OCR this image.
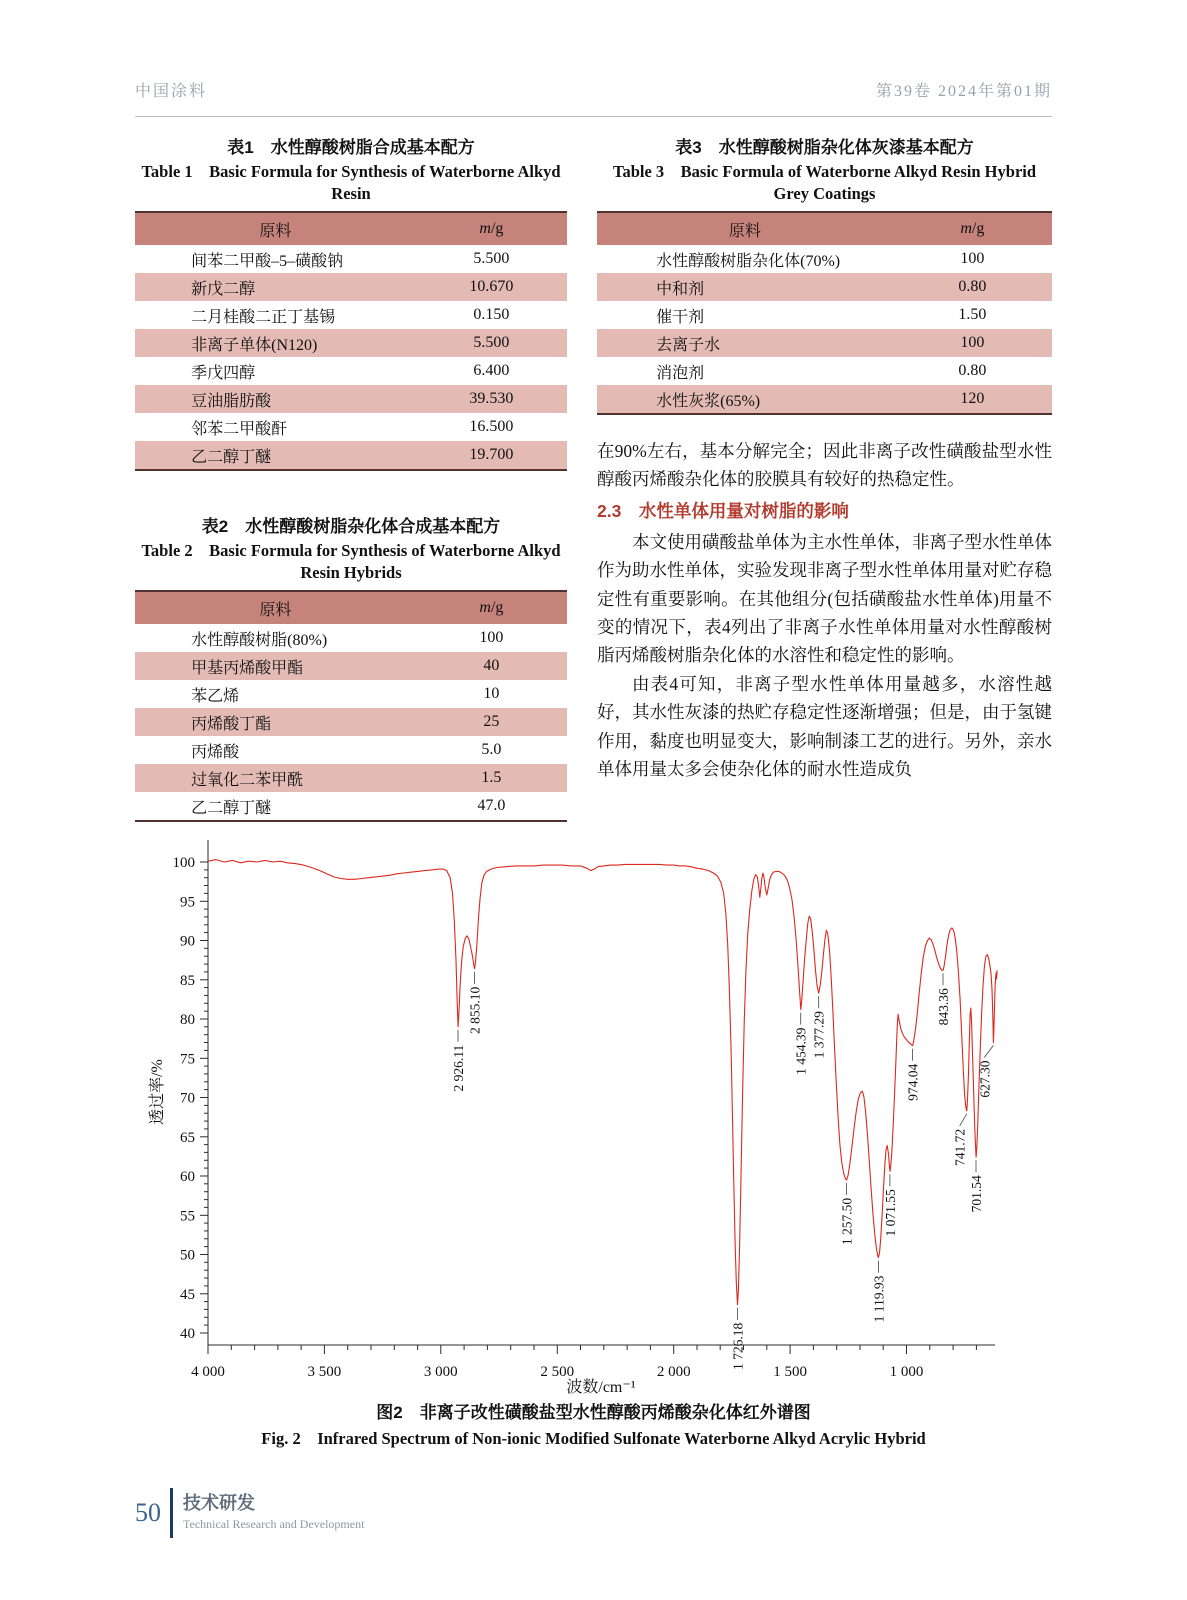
中国涂料	第39卷 2024年第01期
表1　水性醇酸树脂合成基本配方
Table 1　Basic Formula for Synthesis of Waterborne Alkyd Resin
原料	m/g
间苯二甲酸–5–磺酸钠	5.500
新戊二醇	10.670
二月桂酸二正丁基锡	0.150
非离子单体(N120)	5.500
季戊四醇	6.400
豆油脂肪酸	39.530
邻苯二甲酸酐	16.500
乙二醇丁醚	19.700
表2　水性醇酸树脂杂化体合成基本配方
Table 2　Basic Formula for Synthesis of Waterborne Alkyd Resin Hybrids
原料	m/g
水性醇酸树脂(80%)	100
甲基丙烯酸甲酯	40
苯乙烯	10
丙烯酸丁酯	25
丙烯酸	5.0
过氧化二苯甲酰	1.5
乙二醇丁醚	47.0
表3　水性醇酸树脂杂化体灰漆基本配方
Table 3　Basic Formula of Waterborne Alkyd Resin Hybrid Grey Coatings
原料	m/g
水性醇酸树脂杂化体(70%)	100
中和剂	0.80
催干剂	1.50
去离子水	100
消泡剂	0.80
水性灰浆(65%)	120
在90%左右，基本分解完全；因此非离子改性磺酸盐型水性醇酸丙烯酸杂化体的胶膜具有较好的热稳定性。
2.3　水性单体用量对树脂的影响
本文使用磺酸盐单体为主水性单体，非离子型水性单体作为助水性单体，实验发现非离子型水性单体用量对贮存稳定性有重要影响。在其他组分(包括磺酸盐水性单体)用量不变的情况下，表4列出了非离子水性单体用量对水性醇酸树脂丙烯酸树脂杂化体的水溶性和稳定性的影响。
由表4可知，非离子型水性单体用量越多，水溶性越好，其水性灰漆的热贮存稳定性逐渐增强；但是，由于氢键作用，黏度也明显变大，影响制漆工艺的进行。另外，亲水单体用量太多会使杂化体的耐水性造成负
40
45
50
55
60
65
70
75
80
85
90
95
100
4 000	3 500	3 000	2 500	2 000	1 500	1 000
透过率/%
波数/cm⁻¹
2 926.11
2 855.10
1 726.18
1 454.39 1 377.29
1 257.50
1 119.93
1 071.55
974.04
843.36
741.72
701.54
627.30
图2　非离子改性磺酸盐型水性醇酸丙烯酸杂化体红外谱图
Fig. 2　Infrared Spectrum of Non-ionic Modified Sulfonate Waterborne Alkyd Acrylic Hybrid
50	技术研发
Technical Research and Development
